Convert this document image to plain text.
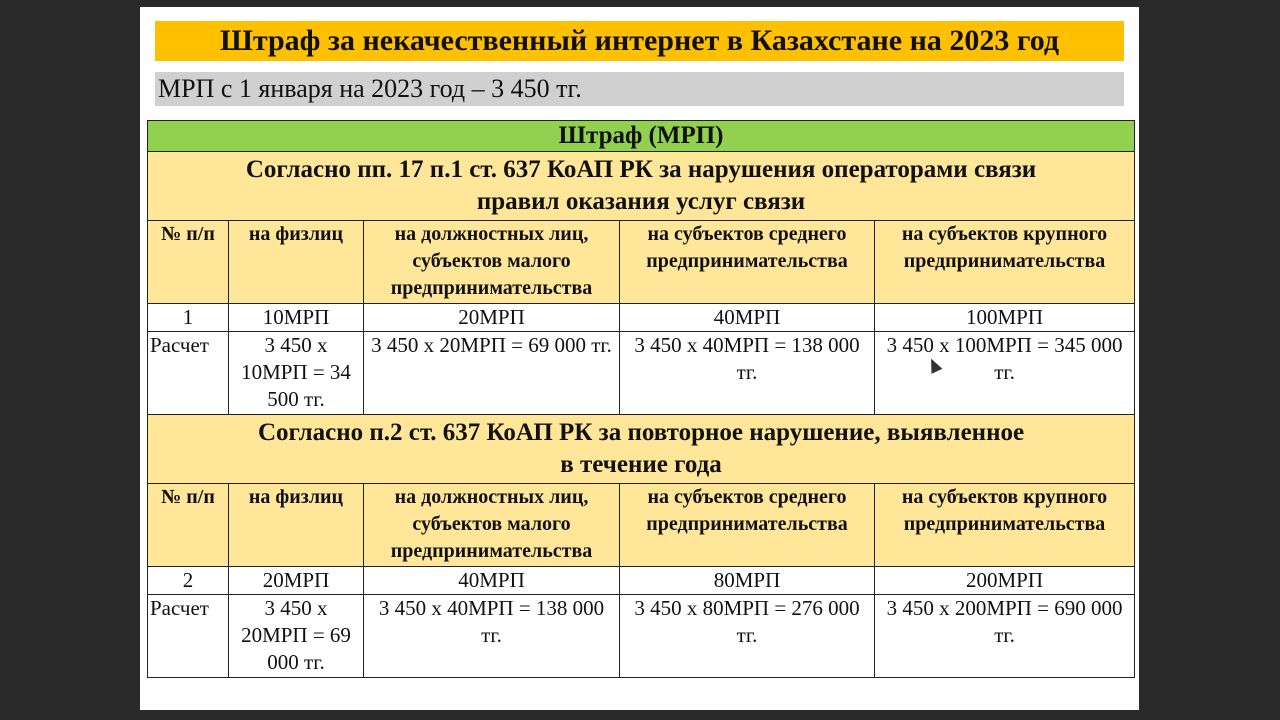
Штраф за некачественный интернет в Казахстане на 2023 год
МРП с 1 января на 2023 год – 3 450 тг.
Штраф (МРП)				

Согласно пп. 17 п.1 ст. 637 КоАП РК за нарушения операторами связи
правил оказания услуг связи				

№ п/п	на физлиц	на должностных лиц, субъектов малого предпринимательства	на субъектов среднего предпринимательства	на субъектов крупного предпринимательства
1	10МРП	20МРП	40МРП	100МРП
Расчет	3 450 х 10МРП = 34 500 тг.	3 450 х 20МРП = 69 000 тг.	3 450 х 40МРП = 138 000 тг.	3 450 х 100МРП = 345 000 тг.

Согласно п.2 ст. 637 КоАП РК за повторное нарушение, выявленное
в течение года				

№ п/п	на физлиц	на должностных лиц, субъектов малого предпринимательства	на субъектов среднего предпринимательства	на субъектов крупного предпринимательства
2	20МРП	40МРП	80МРП	200МРП
Расчет	3 450 х 20МРП = 69 000 тг.	3 450 х 40МРП = 138 000 тг.	3 450 х 80МРП = 276 000 тг.	3 450 х 200МРП = 690 000 тг.
